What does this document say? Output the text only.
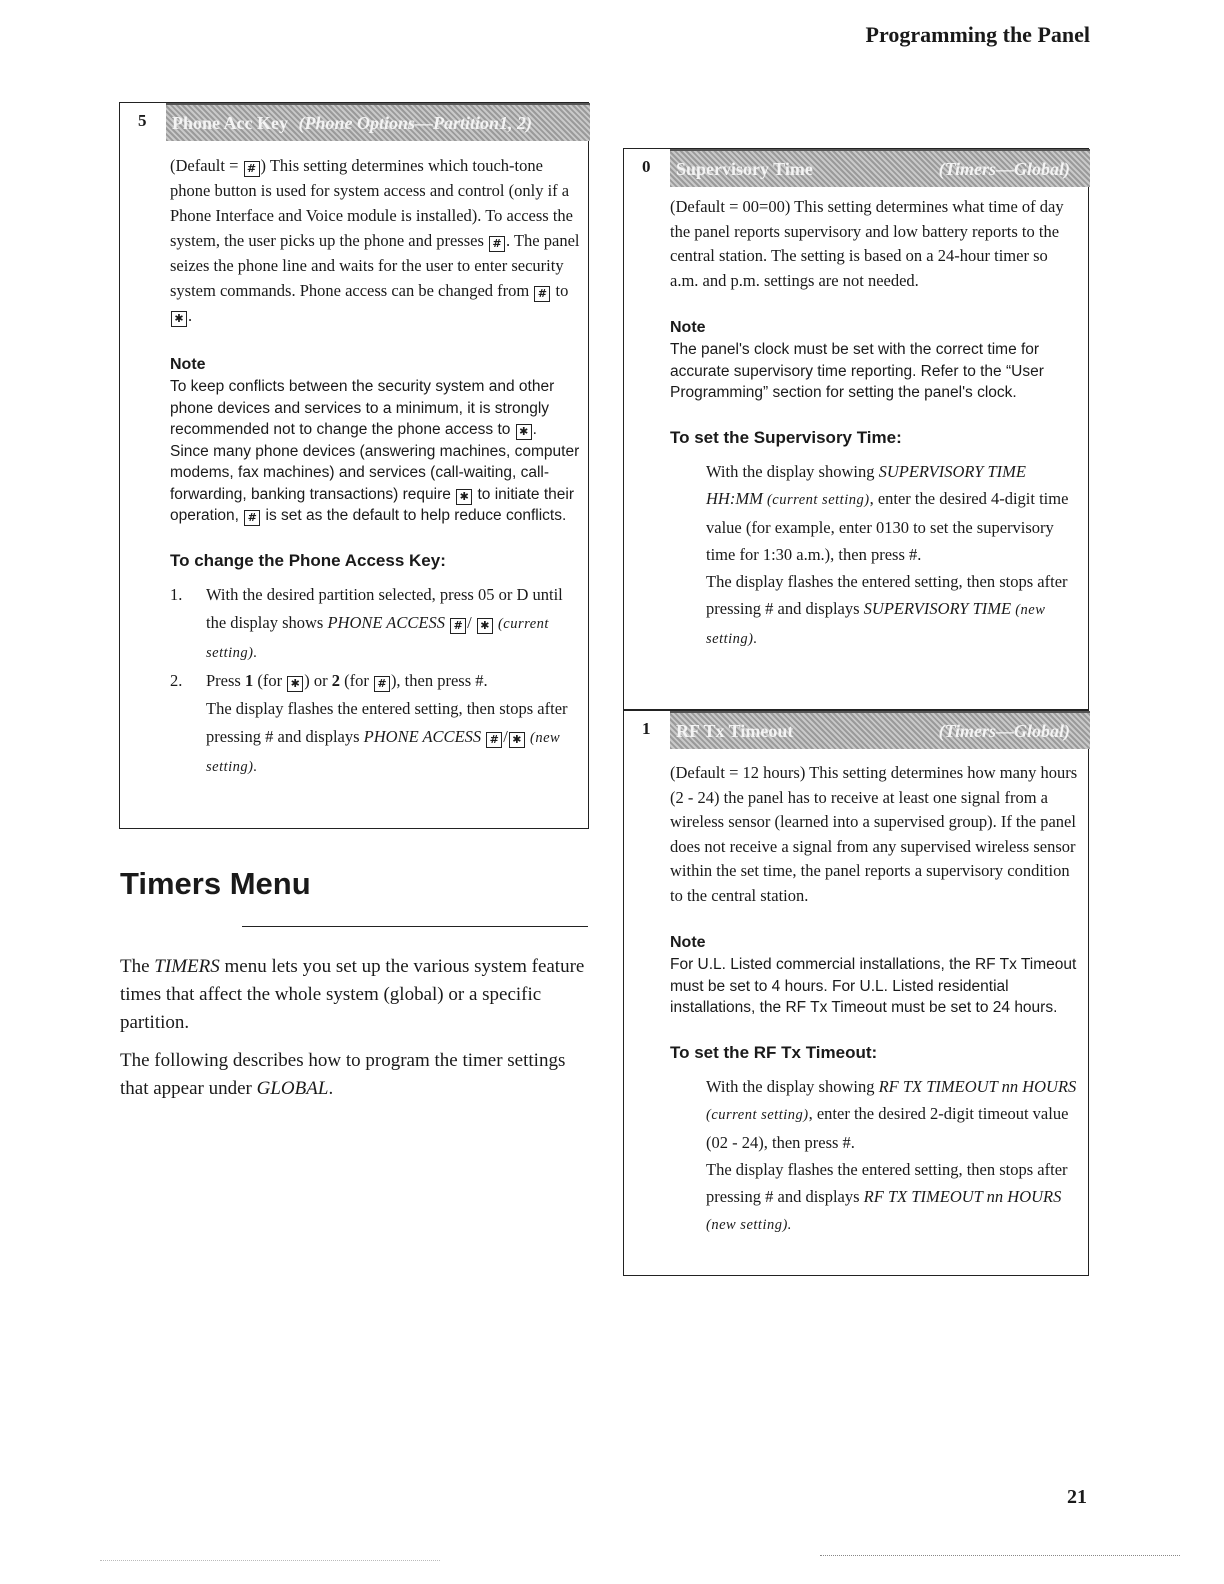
Programming the Panel
5	Phone Acc Key (Phone Options—Partition1, 2)

(Default = # ) This setting determines which touch-tone phone button is used for system access and control (only if a Phone Interface and Voice module is installed). To access the system, the user picks up the phone and presses # . The panel seizes the phone line and waits for the user to enter security system commands. Phone access can be changed from # to ✱ .

Note

To keep conflicts between the security system and other phone devices and services to a minimum, it is strongly recommended not to change the phone access to ✱ . Since many phone devices (answering machines, computer modems, fax machines) and services (call-waiting, call-forwarding, banking transactions) require ✱ to initiate their operation, # is set as the default to help reduce conflicts.

To change the Phone Access Key:

1. With the desired partition selected, press 05 or D until the display shows PHONE ACCESS # / ✱ (current setting).
2. Press 1 (for ✱ ) or 2 (for # ), then press #.
The display flashes the entered setting, then stops after pressing # and displays PHONE ACCESS # / ✱ (new setting).
Timers Menu

The TIMERS menu lets you set up the various system feature times that affect the whole system (global) or a specific partition.

The following describes how to program the timer settings that appear under GLOBAL.

0	Supervisory Time	(Timers—Global)

(Default = 00=00) This setting determines what time of day the panel reports supervisory and low battery reports to the central station. The setting is based on a 24-hour timer so a.m. and p.m. settings are not needed.

Note

The panel's clock must be set with the correct time for accurate supervisory time reporting. Refer to the “User Programming” section for setting the panel's clock.

To set the Supervisory Time:

With the display showing SUPERVISORY TIME HH:MM (current setting), enter the desired 4-digit time value (for example, enter 0130 to set the supervisory time for 1:30 a.m.), then press #.
The display flashes the entered setting, then stops after pressing # and displays SUPERVISORY TIME (new setting).
1	RF Tx Timeout	(Timers—Global)

(Default = 12 hours) This setting determines how many hours (2 - 24) the panel has to receive at least one signal from a wireless sensor (learned into a supervised group). If the panel does not receive a signal from any supervised wireless sensor within the set time, the panel reports a supervisory condition to the central station.

Note

For U.L. Listed commercial installations, the RF Tx Timeout must be set to 4 hours. For U.L. Listed residential installations, the RF Tx Timeout must be set to 24 hours.

To set the RF Tx Timeout:

With the display showing RF TX TIMEOUT nn HOURS (current setting), enter the desired 2-digit timeout value (02 - 24), then press #.
The display flashes the entered setting, then stops after pressing # and displays RF TX TIMEOUT nn HOURS (new setting).
21
